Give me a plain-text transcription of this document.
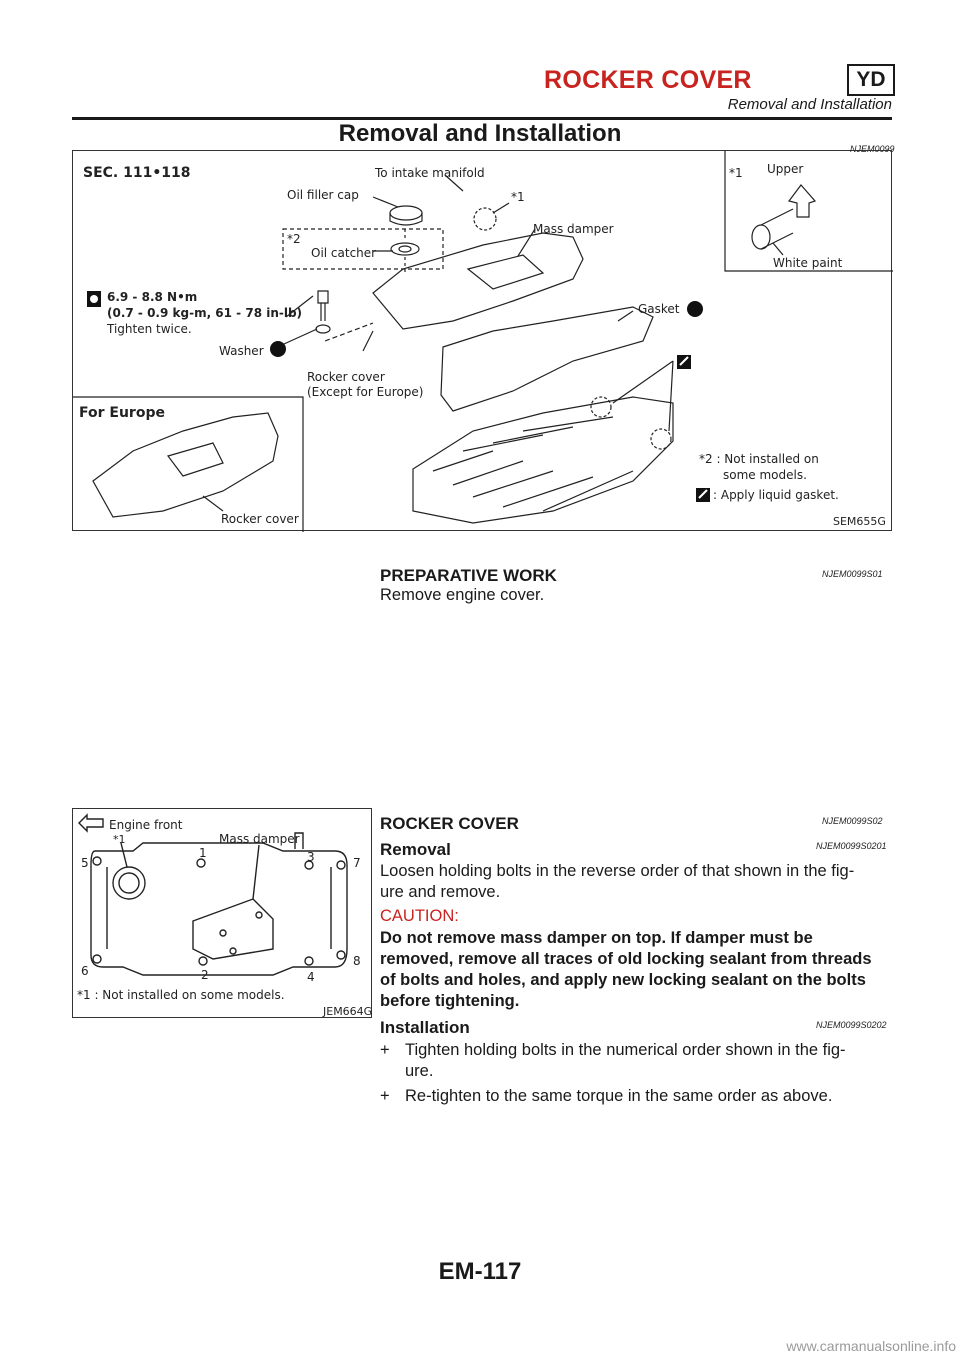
ROCKER COVER	YD
Removal and Installation
Removal and Installation
NJEM0099
SEC. 111•118	To intake manifold
Oil filler cap	*1
Mass damper
*2
Oil catcher
6.9 - 8.8 N•m
(0.7 - 0.9 kg-m, 61 - 78 in-lb)
Tighten twice.
Washer
Gasket
Rocker cover
(Except for Europe)
For Europe
Rocker cover
*1 Upper
White paint
*2 : Not installed on
some models.
: Apply liquid gasket.
SEM655G
PREPARATIVE WORK	NJEM0099S01
Remove engine cover.
Engine front
*1	Mass damper
1
2
3
4
5
6
7
8
*1 : Not installed on some models.
JEM664G
ROCKER COVER	NJEM0099S02
Removal	NJEM0099S0201
Loosen holding bolts in the reverse order of that shown in the fig-
ure and remove.
CAUTION:
Do not remove mass damper on top. If damper must be
removed, remove all traces of old locking sealant from threads
of bolts and holes, and apply new locking sealant on the bolts
before tightening.
Installation	NJEM0099S0202
+ Tighten holding bolts in the numerical order shown in the fig-
ure.
+ Re-tighten to the same torque in the same order as above.
EM-117
www.carmanualsonline.info
